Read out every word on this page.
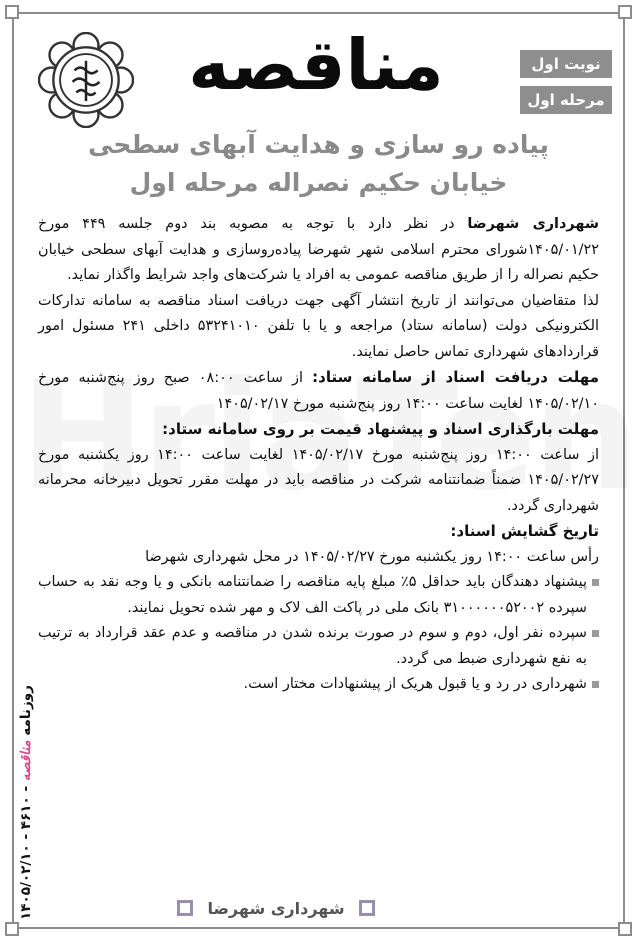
نوبت اول
مرحله اول
مناقصه
پیاده رو سازی و هدایت آبهای سطحی
خیابان حکیم نصراله مرحله اول

شهرداری شهرضا در نظر دارد با توجه به مصوبه بند دوم جلسه ۴۴۹ مورخ ۱۴۰۵/۰۱/۲۲شورای محترم اسلامی شهر شهرضا پیاده‌روسازی و هدایت آبهای سطحی خیابان حکیم نصراله را از طریق مناقصه عمومی به افراد یا شرکت‌های واجد شرایط واگذار نماید.

لذا متقاضیان می‌توانند از تاریخ انتشار آگهی جهت دریافت اسناد مناقصه به سامانه تدارکات الکترونیکی دولت (سامانه ستاد) مراجعه و یا با تلفن ۵۳۲۴۱۰۱۰ داخلی ۲۴۱ مسئول امور قراردادهای شهرداری تماس حاصل نمایند.

مهلت دریافت اسناد از سامانه ستاد: از ساعت ۰۸:۰۰ صبح روز پنج‌شنبه مورخ ۱۴۰۵/۰۲/۱۰ لغایت ساعت ۱۴:۰۰ روز پنج‌شنبه مورخ ۱۴۰۵/۰۲/۱۷

مهلت بارگذاری اسناد و پیشنهاد قیمت بر روی سامانه ستاد:

از ساعت ۱۴:۰۰ روز پنج‌شنبه مورخ ۱۴۰۵/۰۲/۱۷ لغایت ساعت ۱۴:۰۰ روز یکشنبه مورخ ۱۴۰۵/۰۲/۲۷ ضمناً ضمانتنامه شرکت در مناقصه باید در مهلت مقرر تحویل دبیرخانه محرمانه شهرداری گردد.

تاریخ گشایش اسناد:

رأس ساعت ۱۴:۰۰ روز یکشنبه مورخ ۱۴۰۵/۰۲/۲۷ در محل شهرداری شهرضا

پیشنهاد دهندگان باید حداقل ۵٪ مبلغ پایه مناقصه را ضمانتنامه بانکی و یا وجه نقد به حساب سپرده ۳۱۰۰۰۰۰۰۵۲۰۰۲ بانک ملی در پاکت الف لاک و مهر شده تحویل نمایند.

سپرده نفر اول، دوم و سوم در صورت برنده شدن در مناقصه و عدم عقد قرارداد به ترتیب به نفع شهرداری ضبط می گردد.

شهرداری در رد و یا قبول هریک از پیشنهادات مختار است.

روزنامه مناقصه - ۴۶۱۰ - ۱۴۰۵/۰۲/۱۰
شهرداری شهرضا
